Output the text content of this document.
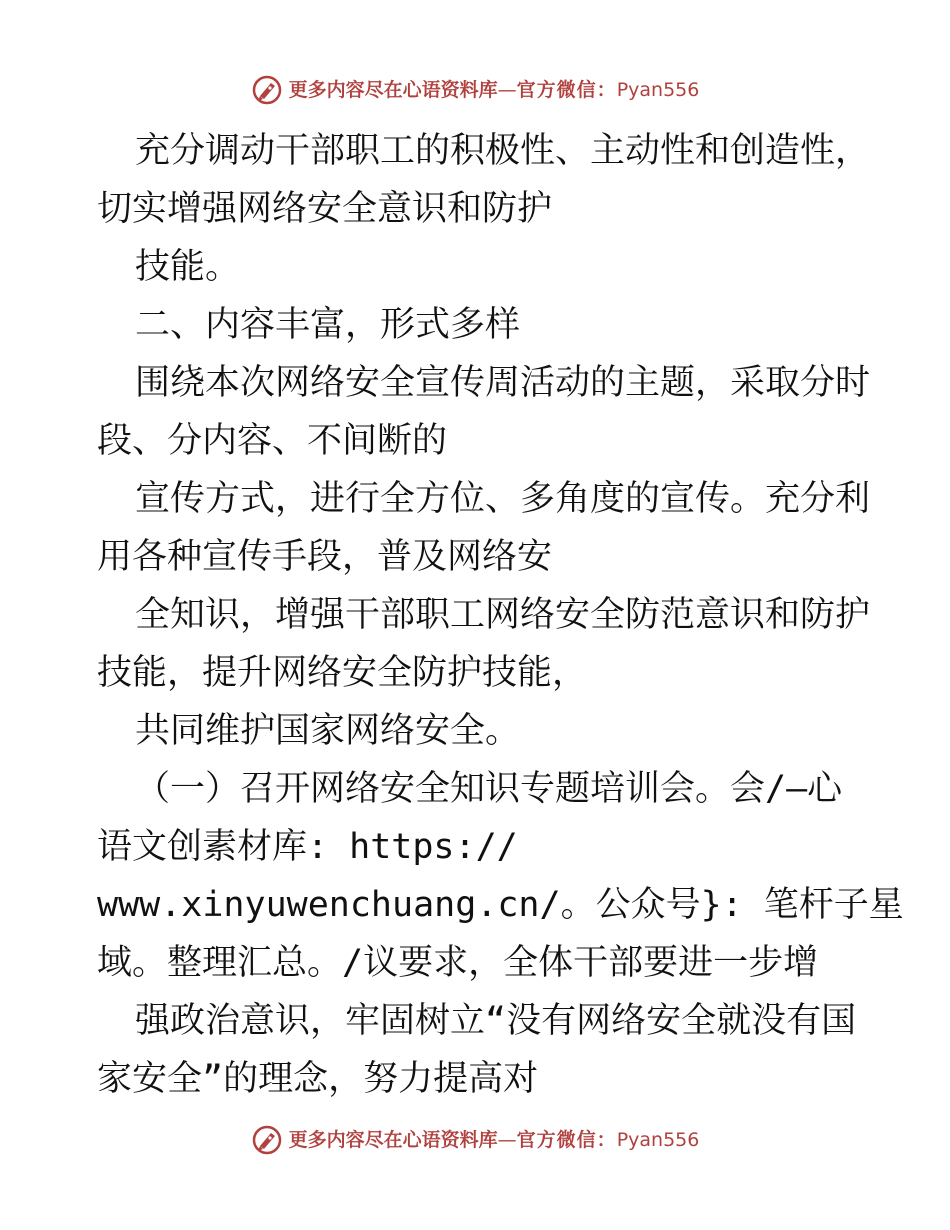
更多内容尽在心语资料库 — 官方微信： Pyan556
充分调动干部职工的积极性、主动性和创造性，
切实增强网络安全意识和防护
技能。
二、内容丰富，形式多样
围绕本次网络安全宣传周活动的主题，采取分时
段、分内容、不间断的
宣传方式，进行全方位、多角度的宣传。充分利
用各种宣传手段，普及网络安
全知识，增强干部职工网络安全防范意识和防护
技能，提升网络安全防护技能，
共同维护国家网络安全。
（一）召开网络安全知识专题培训会。会/—心
语文创素材库: https://
www.xinyuwenchuang.cn/。公众号}: 笔杆子星
域。整理汇总。/议要求，全体干部要进一步增
强政治意识，牢固树立“没有网络安全就没有国
家安全”的理念，努力提高对
更多内容尽在心语资料库 — 官方微信： Pyan556
